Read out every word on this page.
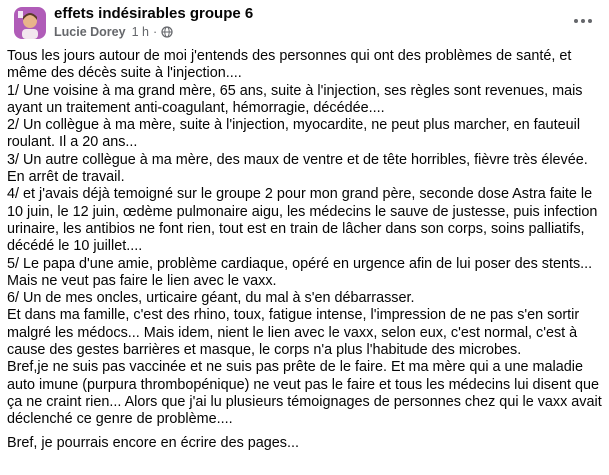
effets indésirables groupe 6
Lucie Dorey 1 h ·

Tous les jours autour de moi j'entends des personnes qui ont des problèmes de santé, et même des décès suite à l'injection....

1/ Une voisine à ma grand mère, 65 ans, suite à l'injection, ses règles sont revenues, mais ayant un traitement anti-coagulant, hémorragie, décédée....

2/ Un collègue à ma mère, suite à l'injection, myocardite, ne peut plus marcher, en fauteuil roulant. Il a 20 ans...

3/ Un autre collègue à ma mère, des maux de ventre et de tête horribles, fièvre très élevée. En arrêt de travail.

4/ et j'avais déjà temoigné sur le groupe 2 pour mon grand père, seconde dose Astra faite le 10 juin, le 12 juin, œdème pulmonaire aigu, les médecins le sauve de justesse, puis infection urinaire, les antibios ne font rien, tout est en train de lâcher dans son corps, soins palliatifs, décédé le 10 juillet....

5/ Le papa d'une amie, problème cardiaque, opéré en urgence afin de lui poser des stents... Mais ne veut pas faire le lien avec le vaxx.

6/ Un de mes oncles, urticaire géant, du mal à s'en débarrasser.

Et dans ma famille, c'est des rhino, toux, fatigue intense, l'impression de ne pas s'en sortir malgré les médocs... Mais idem, nient le lien avec le vaxx, selon eux, c'est normal, c'est à cause des gestes barrières et masque, le corps n'a plus l'habitude des microbes.

Bref,je ne suis pas vaccinée et ne suis pas prête de le faire. Et ma mère qui a une maladie auto imune (purpura thrombopénique) ne veut pas le faire et tous les médecins lui disent que ça ne craint rien... Alors que j'ai lu plusieurs témoignages de personnes chez qui le vaxx avait déclenché ce genre de problème....

Bref, je pourrais encore en écrire des pages...
